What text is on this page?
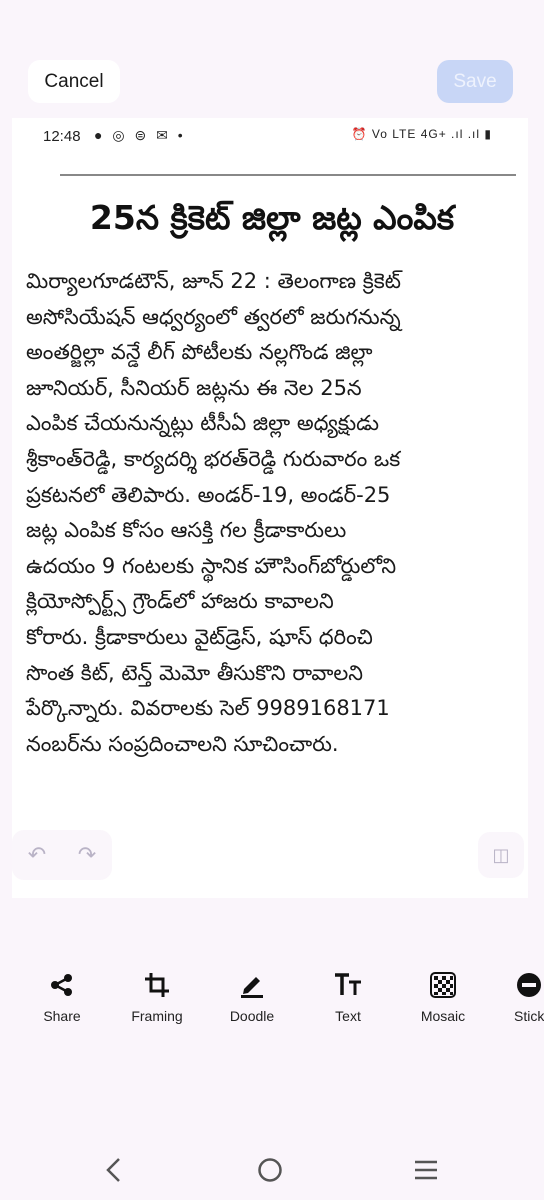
Cancel	Save
12:48 ● ◎ ⊜ ✉ •	⏰ Vo LTE 4G+ .ıl .ıl ▮
25న క్రికెట్ జిల్లా జట్ల ఎంపిక
మిర్యాలగూడటౌన్, జూన్ 22 : తెలంగాణ క్రికెట్
అసోసియేషన్ ఆధ్వర్యంలో త్వరలో జరుగనున్న
అంతర్జిల్లా వన్డే లీగ్ పోటీలకు నల్లగొండ జిల్లా
జూనియర్, సీనియర్ జట్లను ఈ నెల 25న
ఎంపిక చేయనున్నట్లు టీసీఏ జిల్లా అధ్యక్షుడు
శ్రీకాంత్‌రెడ్డి, కార్యదర్శి భరత్‌రెడ్డి గురువారం ఒక
ప్రకటనలో తెలిపారు. అండర్-19, అండర్-25
జట్ల ఎంపిక కోసం ఆసక్తి గల క్రీడాకారులు
ఉదయం 9 గంటలకు స్థానిక హౌసింగ్‌బోర్డులోని
క్లియోస్పోర్ట్స్ గ్రౌండ్‌లో హాజరు కావాలని
కోరారు. క్రీడాకారులు వైట్‌డ్రెస్, షూస్ ధరించి
సొంత కిట్, టెన్త్ మెమో తీసుకొని రావాలని
పేర్కొన్నారు. వివరాలకు సెల్ 9989168171
నంబర్‌ను సంప్రదించాలని సూచించారు.
↶ ↷	◫
Share	Framing	Doodle	Text	Mosaic	Stick
